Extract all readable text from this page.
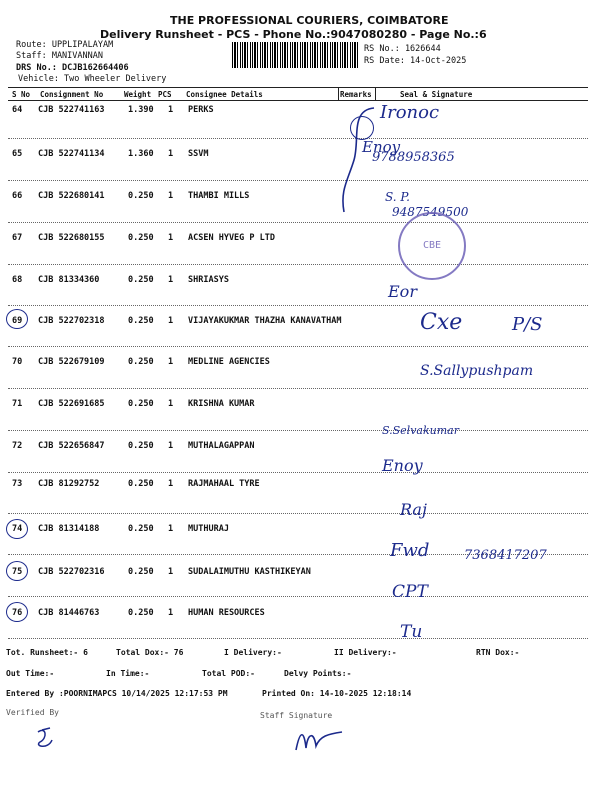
THE PROFESSIONAL COURIERS, COIMBATORE
Delivery Runsheet - PCS - Phone No.:9047080280 - Page No.:6
Route: UPPLIPALAYAM
Staff: MANIVANNAN
DRS No.: DCJB162664406
Vehicle: Two Wheeler Delivery
RS No.: 1626644
RS Date: 14-Oct-2025
S No Consignment No	Weight PCS Consignee Details	Remarks	Seal & Signature
64 CJB 522741163	1.390 1 PERKS
65 CJB 522741134	1.360 1 SSVM
66 CJB 522680141	0.250 1 THAMBI MILLS
67 CJB 522680155	0.250 1 ACSEN HYVEG P LTD
68 CJB 81334360	0.250 1 SHRIASYS
69 CJB 522702318	0.250 1 VIJAYAKUKMAR THAZHA KANAVATHAM
70 CJB 522679109	0.250 1 MEDLINE AGENCIES
71 CJB 522691685	0.250 1 KRISHNA KUMAR
72 CJB 522656847	0.250 1 MUTHALAGAPPAN
73 CJB 81292752	0.250 1 RAJMAHAAL TYRE
74 CJB 81314188	0.250 1 MUTHURAJ
75 CJB 522702316	0.250 1 SUDALAIMUTHU KASTHIKEYAN
76 CJB 81446763	0.250 1 HUMAN RESOURCES
Ironoc
Enoy
9788958365
S. P.
9487549500
CBE
Eor
Cxe	P/S
S.Sallypushpam
S.Selvakumar
Enoy
Raj
Fwd	7368417207
CPT
Tu
Tot. Runsheet:- 6	Total Dox:- 76	I Delivery:-	II Delivery:-	RTN Dox:-
Out Time:-	In Time:-	Total POD:-	Delvy Points:-
Entered By :POORNIMAPCS 10/14/2025 12:17:53 PM	Printed On: 14-10-2025 12:18:14
Verified By	Staff Signature
